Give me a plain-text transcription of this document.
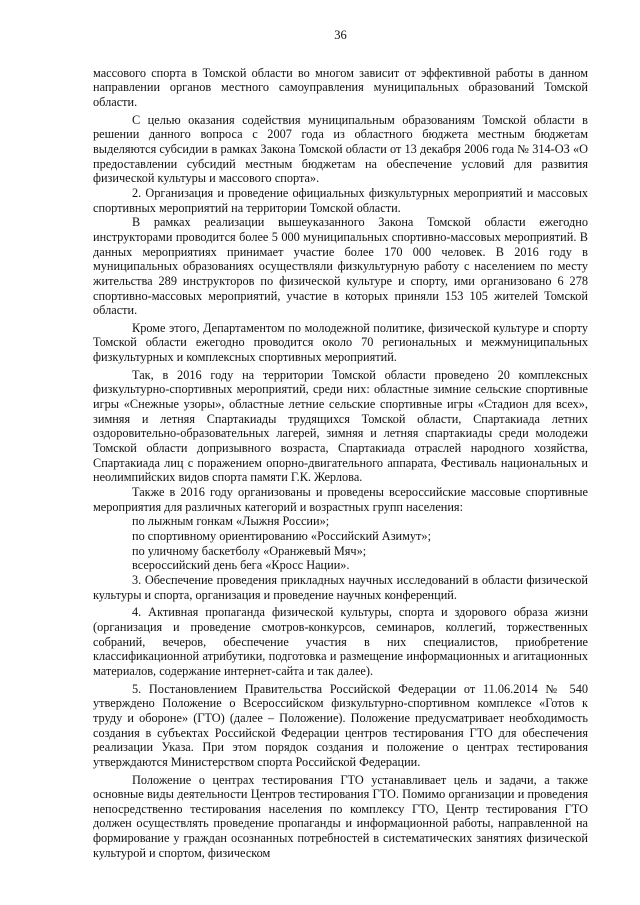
36

массового спорта в Томской области во многом зависит от эффективной работы в данном направлении органов местного самоуправления муниципальных образований Томской области.

С целью оказания содействия муниципальным образованиям Томской области в решении данного вопроса с 2007 года из областного бюджета местным бюджетам выделяются субсидии в рамках Закона Томской области от 13 декабря 2006 года № 314-ОЗ «О предоставлении субсидий местным бюджетам на обеспечение условий для развития физической культуры и массового спорта».

2. Организация и проведение официальных физкультурных мероприятий и массовых спортивных мероприятий на территории Томской области.

В рамках реализации вышеуказанного Закона Томской области ежегодно инструкторами проводится более 5 000 муниципальных спортивно-массовых мероприятий. В данных мероприятиях принимает участие более 170 000 человек. В 2016 году в муниципальных образованиях осуществляли физкультурную работу с населением по месту жительства 289 инструкторов по физической культуре и спорту, ими организовано 6 278 спортивно-массовых мероприятий, участие в которых приняли 153 105 жителей Томской области.

Кроме этого, Департаментом по молодежной политике, физической культуре и спорту Томской области ежегодно проводится около 70 региональных и межмуниципальных физкультурных и комплексных спортивных мероприятий.

Так, в 2016 году на территории Томской области проведено 20 комплексных физкультурно-спортивных мероприятий, среди них: областные зимние сельские спортивные игры «Снежные узоры», областные летние сельские спортивные игры «Стадион для всех», зимняя и летняя Спартакиады трудящихся Томской области, Спартакиада летних оздоровительно-образовательных лагерей, зимняя и летняя спартакиады среди молодежи Томской области допризывного возраста, Спартакиада отраслей народного хозяйства, Спартакиада лиц с поражением опорно-двигательного аппарата, Фестиваль национальных и неолимпийских видов спорта памяти Г.К. Жерлова.

Также в 2016 году организованы и проведены всероссийские массовые спортивные мероприятия для различных категорий и возрастных групп населения:

по лыжным гонкам «Лыжня России»;

по спортивному ориентированию «Российский Азимут»;

по уличному баскетболу «Оранжевый Мяч»;

всероссийский день бега «Кросс Нации».

3. Обеспечение проведения прикладных научных исследований в области физической культуры и спорта, организация и проведение научных конференций.

4. Активная пропаганда физической культуры, спорта и здорового образа жизни (организация и проведение смотров-конкурсов, семинаров, коллегий, торжественных собраний, вечеров, обеспечение участия в них специалистов, приобретение классификационной атрибутики, подготовка и размещение информационных и агитационных материалов, содержание интернет-сайта и так далее).

5. Постановлением Правительства Российской Федерации от 11.06.2014 № 540 утверждено Положение о Всероссийском физкультурно-спортивном комплексе «Готов к труду и обороне» (ГТО) (далее – Положение). Положение предусматривает необходимость создания в субъектах Российской Федерации центров тестирования ГТО для обеспечения реализации Указа. При этом порядок создания и положение о центрах тестирования утверждаются Министерством спорта Российской Федерации.

Положение о центрах тестирования ГТО устанавливает цель и задачи, а также основные виды деятельности Центров тестирования ГТО. Помимо организации и проведения непосредственно тестирования населения по комплексу ГТО, Центр тестирования ГТО должен осуществлять проведение пропаганды и информационной работы, направленной на формирование у граждан осознанных потребностей в систематических занятиях физической культурой и спортом, физическом
